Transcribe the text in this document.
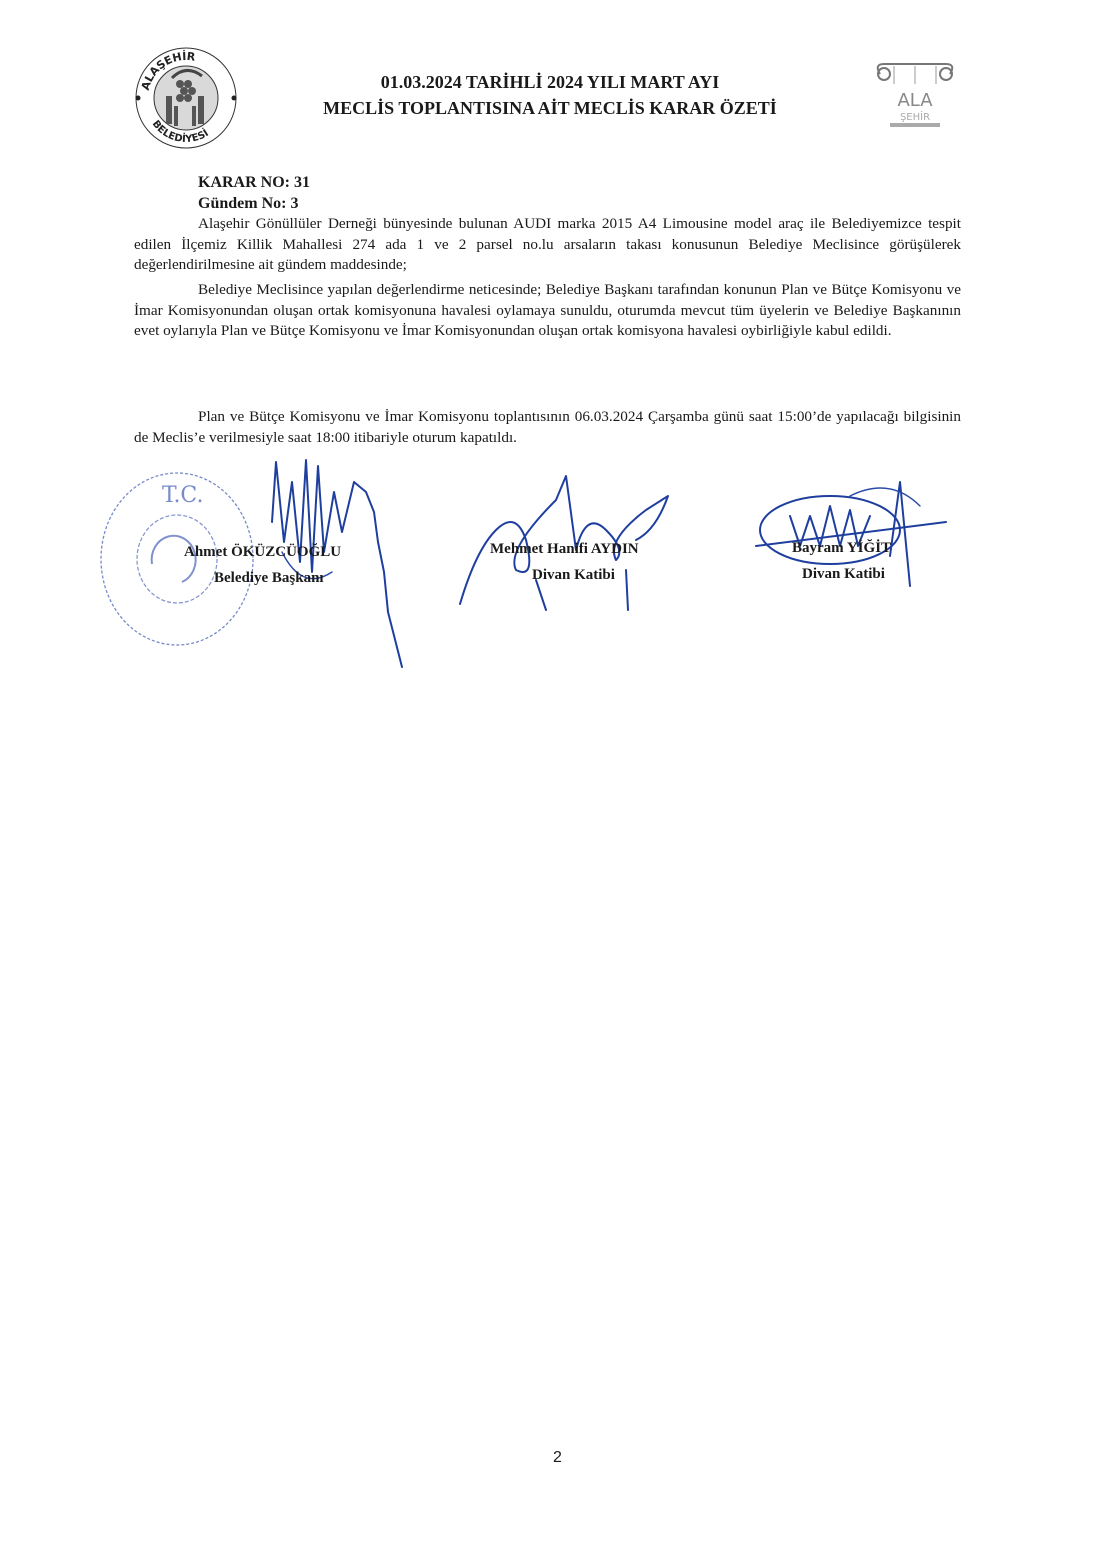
ALAŞEHİR
BELEDİYESİ
ALA
ŞEHİR
01.03.2024 TARİHLİ 2024 YILI MART AYI
MECLİS TOPLANTISINA AİT MECLİS KARAR ÖZETİ
KARAR NO: 31
Gündem No: 3
Alaşehir Gönüllüler Derneği bünyesinde bulunan AUDI marka 2015 A4 Limousine model araç ile Belediyemizce tespit edilen İlçemiz Killik Mahallesi 274 ada 1 ve 2 parsel no.lu arsaların takası konusunun Belediye Meclisince görüşülerek değerlendirilmesine ait gündem maddesinde;
Belediye Meclisince yapılan değerlendirme neticesinde; Belediye Başkanı tarafından konunun Plan ve Bütçe Komisyonu ve İmar Komisyonundan oluşan ortak komisyonuna havalesi oylamaya sunuldu, oturumda mevcut tüm üyelerin ve Belediye Başkanının evet oylarıyla Plan ve Bütçe Komisyonu ve İmar Komisyonundan oluşan ortak komisyona havalesi oybirliğiyle kabul edildi.
Plan ve Bütçe Komisyonu ve İmar Komisyonu toplantısının 06.03.2024 Çarşamba günü saat 15:00’de yapılacağı bilgisinin de Meclis’e verilmesiyle saat 18:00 itibariyle oturum kapatıldı.
T.C.
Ahmet ÖKÜZCÜOĞLU
Belediye Başkanı
Mehmet Hanifi AYDIN
Divan Katibi
Bayram YİĞİT
Divan Katibi
2
